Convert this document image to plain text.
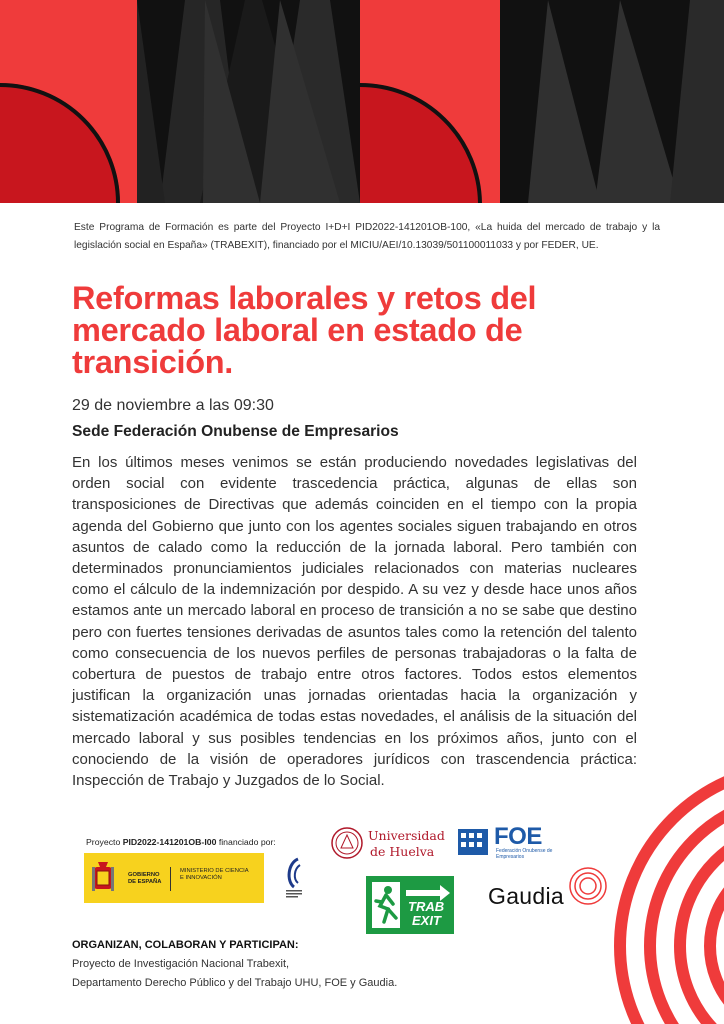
Este Programa de Formación es parte del Proyecto I+D+I PID2022-141201OB-100, «La huida del mercado de trabajo y la legislación social en España» (TRABEXIT), financiado por el MICIU/AEI/10.13039/501100011033 y por FEDER, UE.
Reformas laborales y retos del mercado laboral en estado de transición.
29 de noviembre a las 09:30
Sede Federación Onubense de Empresarios
En los últimos meses venimos se están produciendo novedades legislativas del orden social con evidente trascedencia práctica, algunas de ellas son transposiciones de Directivas que además coinciden en el tiempo con la propia agenda del Gobierno que junto con los agentes sociales siguen trabajando en otros asuntos de calado como la reducción de la jornada laboral. Pero también con determinados pronunciamientos judiciales relacionados con materias nucleares como el cálculo de la indemnización por despido. A su vez y desde hace unos años estamos ante un mercado laboral en proceso de transición a no se sabe que destino pero con fuertes tensiones derivadas de asuntos tales como la retención del talento como consecuencia de los nuevos perfiles de personas trabajadoras o la falta de cobertura de puestos de trabajo entre otros factores. Todos estos elementos justifican la organización unas jornadas orientadas hacia la organización y sistematización académica de todas estas novedades, el análisis de la situación del mercado laboral y sus posibles tendencias en los próximos años, junto con el conociendo de la visión de operadores jurídicos con trascendencia práctica: Inspección de Trabajo y Juzgados de lo Social.
Proyecto PID2022-141201OB-I00 financiado por:
GOBIERNO DE ESPAÑA
MINISTERIO DE CIENCIA E INNOVACIÓN
Universidad
de Huelva
FOE
Federación Onubense de Empresarios
TRAB
EXIT
Gaudia
ORGANIZAN, COLABORAN Y PARTICIPAN:
Proyecto de Investigación Nacional Trabexit,
Departamento Derecho Público y del Trabajo UHU, FOE y Gaudia.
